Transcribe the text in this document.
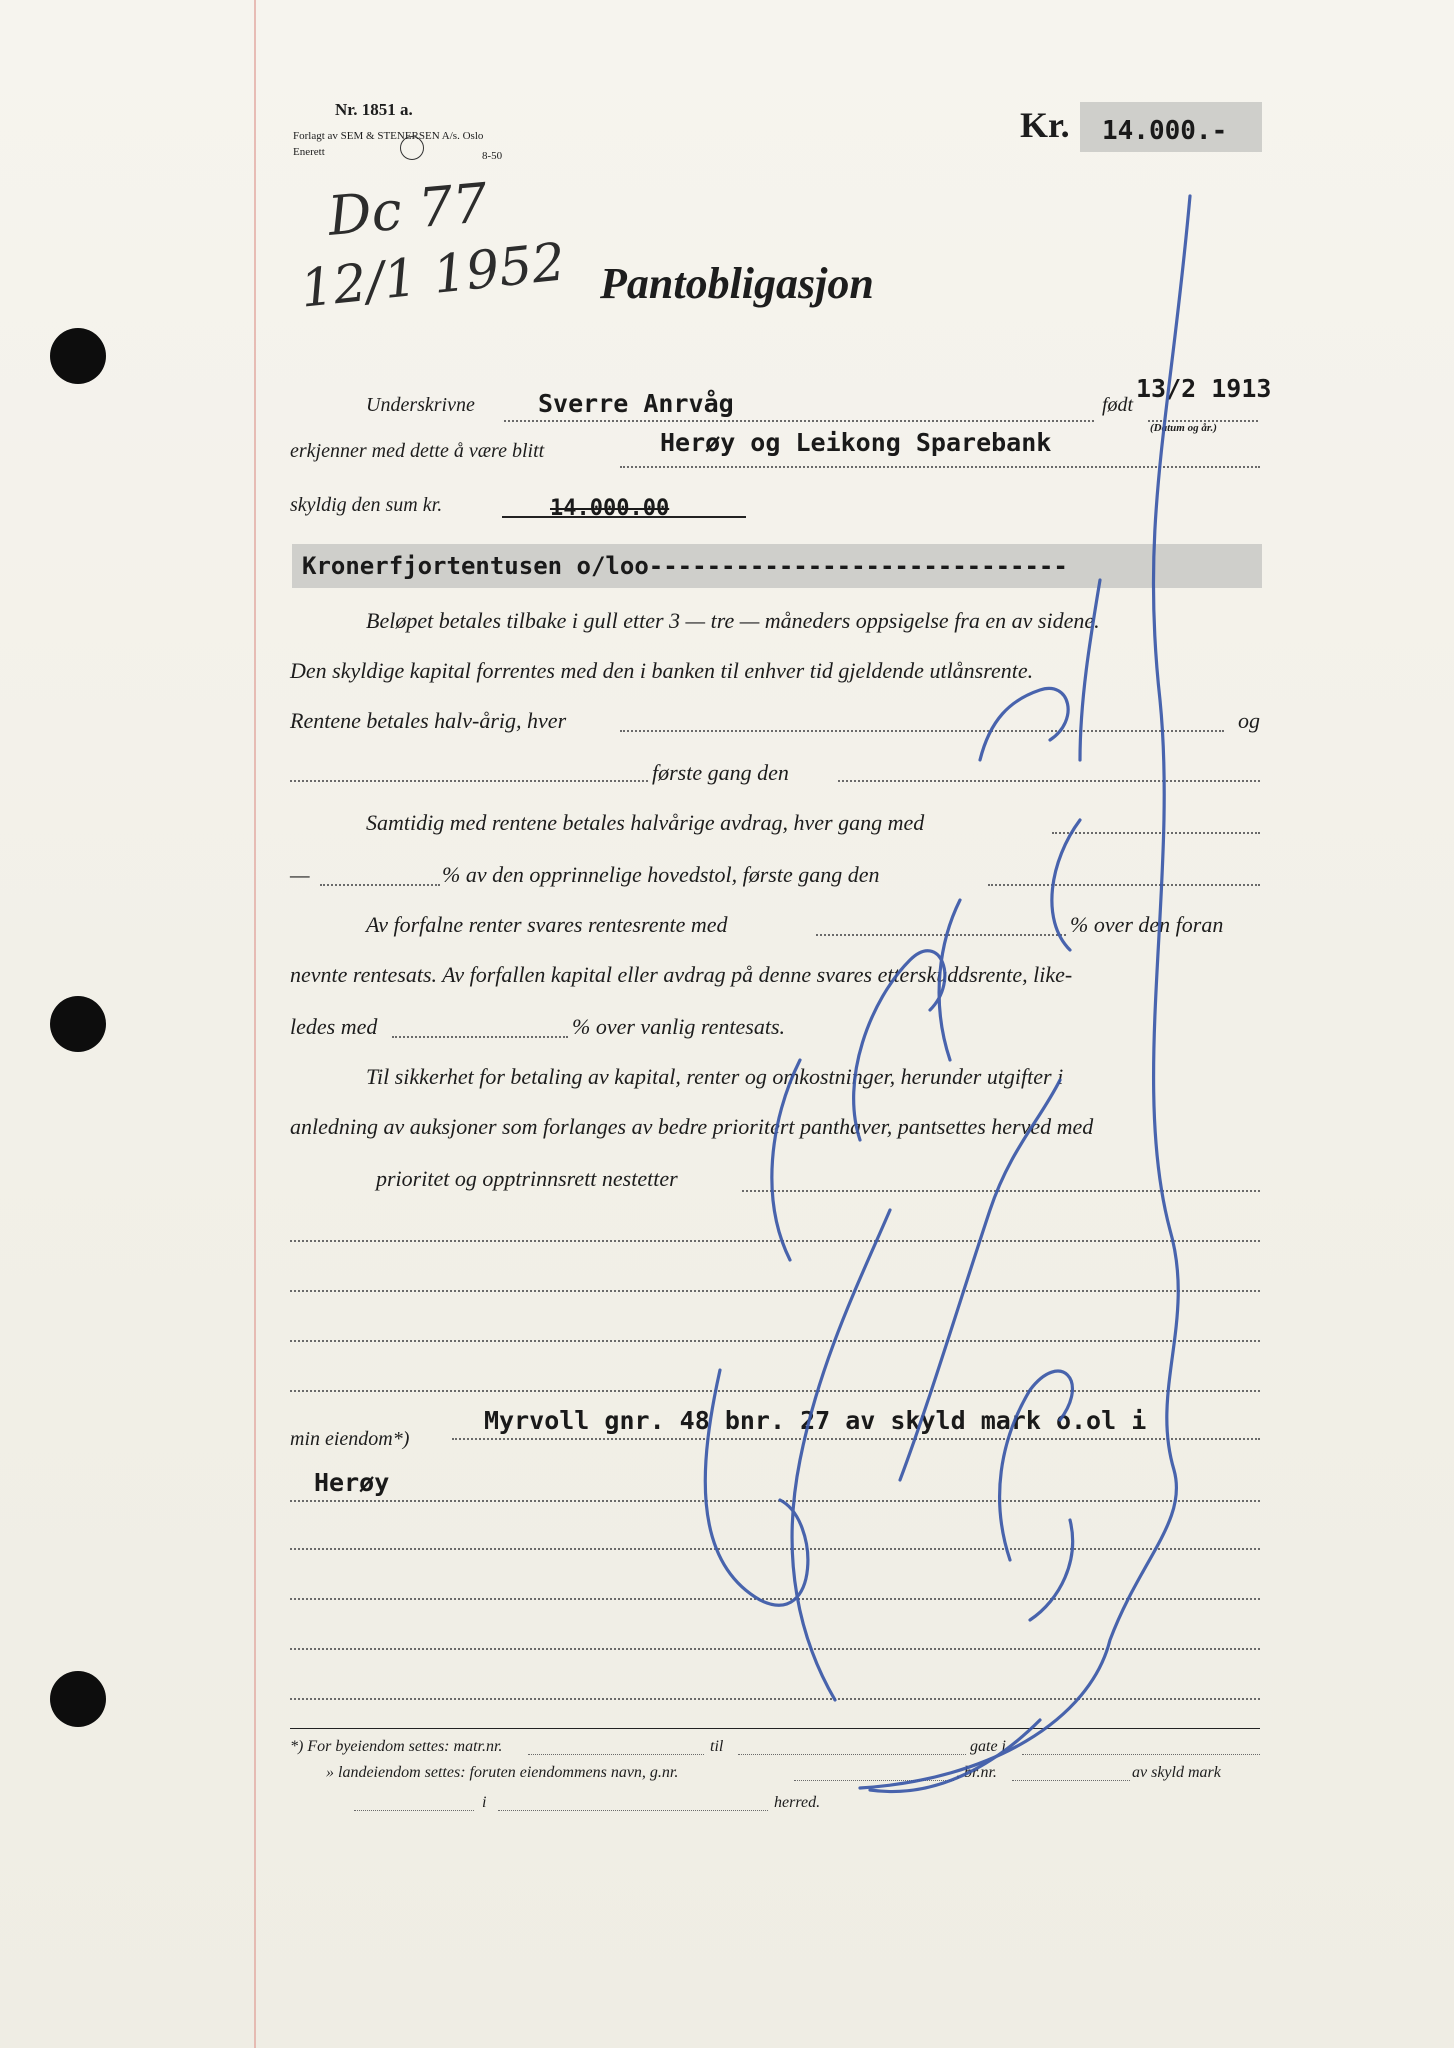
Nr. 1851 a.
Forlagt av SEM & STENERSEN A/s. Oslo
Enerett	8-50
Kr. 14.000.-
Dc 77
12/1 1952 Pantobligasjon
Underskrivne	Sverre Anrvåg	født
13/2 1913
(Datum og år.)
erkjenner med dette å være blitt	Herøy og Leikong Sparebank
skyldig den sum kr.	14.000.00
Kronerfjortentusen o/loo-----------------------------
Beløpet betales tilbake i gull etter 3 — tre — måneders oppsigelse fra en av sidene.
Den skyldige kapital forrentes med den i banken til enhver tid gjeldende utlånsrente.
Rentene betales halv-årig, hver	og
første gang den
Samtidig med rentene betales halvårige avdrag, hver gang med
—	% av den opprinnelige hovedstol, første gang den
Av forfalne renter svares rentesrente med	% over den foran
nevnte rentesats. Av forfallen kapital eller avdrag på denne svares etterskuddsrente, like-
ledes med	% over vanlig rentesats.
Til sikkerhet for betaling av kapital, renter og omkostninger, herunder utgifter i
anledning av auksjoner som forlanges av bedre prioritert panthaver, pantsettes herved med
prioritet og opptrinnsrett nestetter
min eiendom*)
Myrvoll gnr. 48 bnr. 27 av skyld mark o.ol i
Herøy
*) For byeiendom settes: matr.nr.	til	gate i
» landeiendom settes: foruten eiendommens navn, g.nr.	, br.nr.	av skyld mark
i	herred.
